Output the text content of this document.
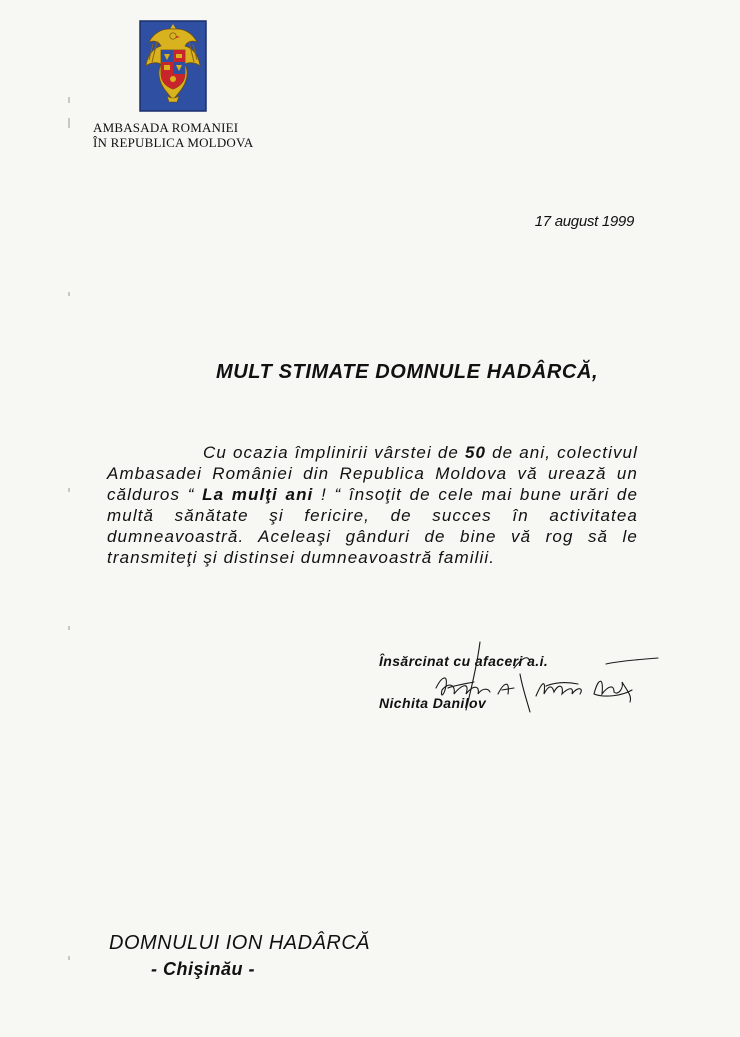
AMBASADA ROMANIEI
ÎN REPUBLICA MOLDOVA
17 august 1999
MULT STIMATE DOMNULE HADÂRCĂ,
Cu ocazia împlinirii vârstei de 50 de ani, colectivul Ambasadei României din Republica Moldova vă urează un călduros “ La mulţi ani ! “ însoţit de cele mai bune urări de multă sănătate şi fericire, de succes în activitatea dumneavoastră. Aceleaşi gânduri de bine vă rog să le transmiteţi şi distinsei dumneavoastră familii.
Însărcinat cu afaceri a.i.
Nichita Danilov
DOMNULUI ION HADÂRCĂ
- Chişinău -
